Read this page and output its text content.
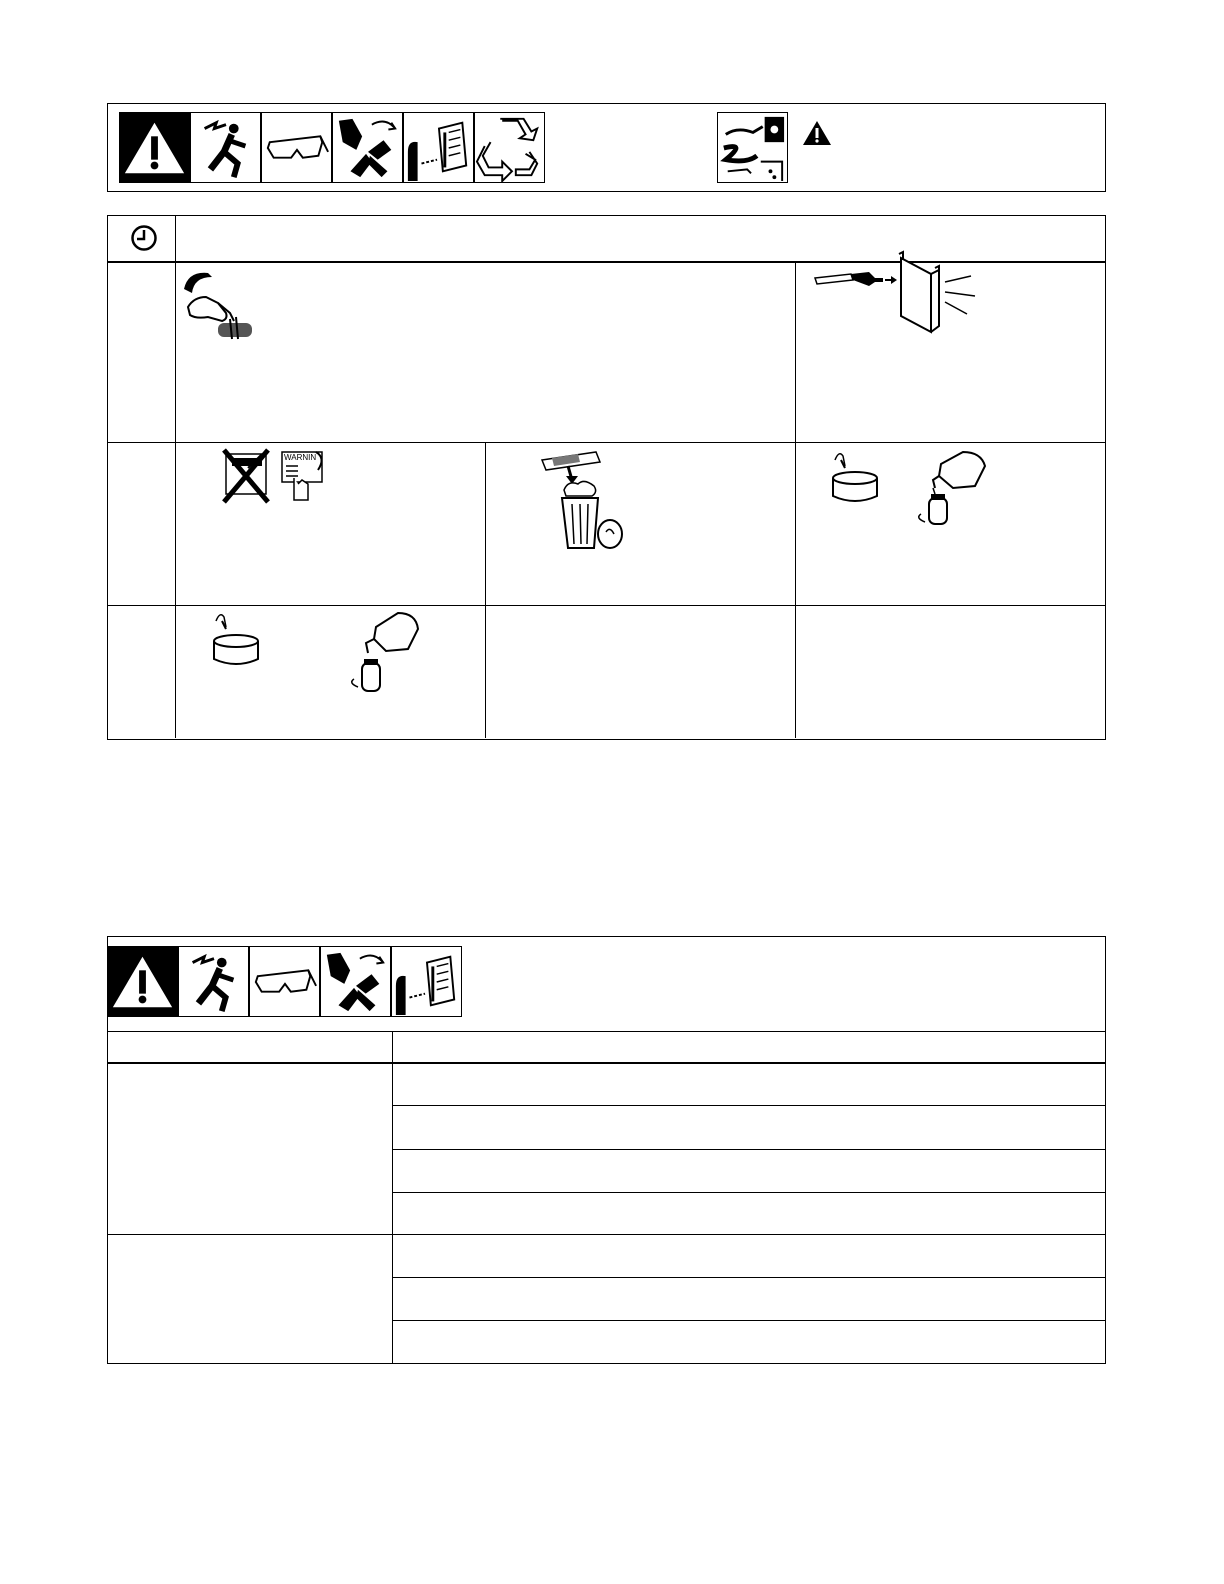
WARNIN
